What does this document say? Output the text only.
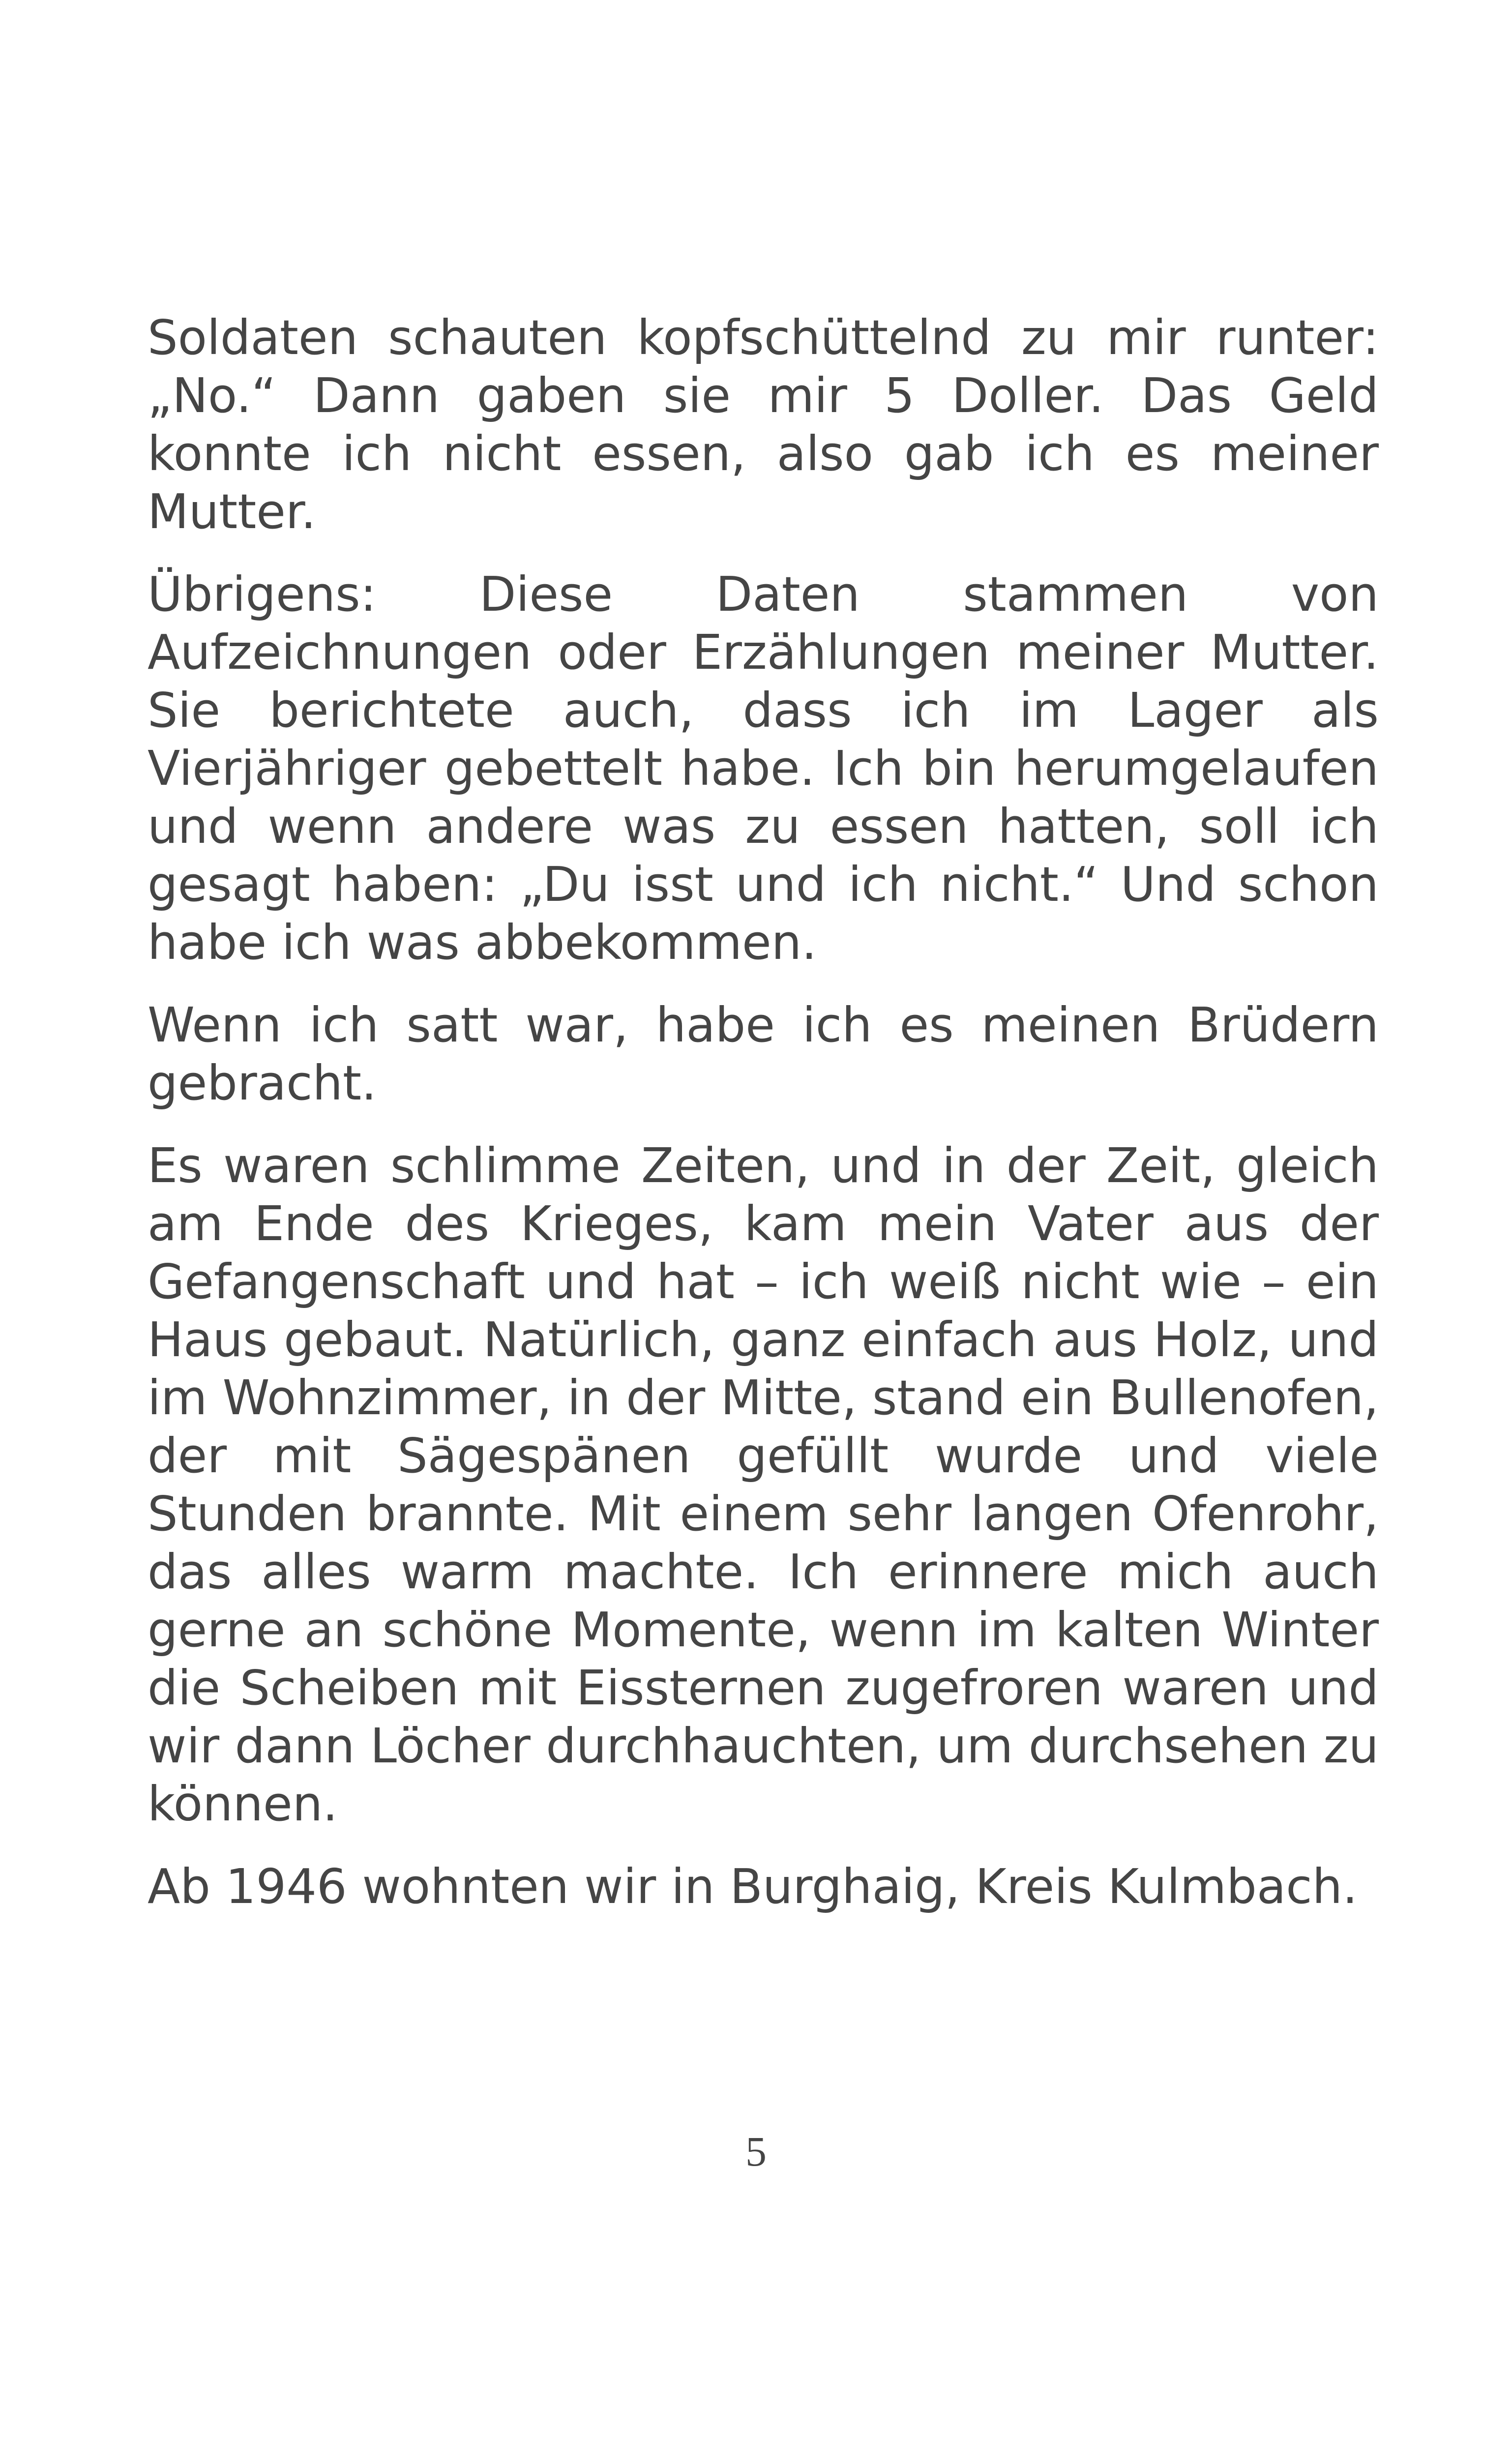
Soldaten schauten kopfschüttelnd zu mir runter: „No.“ Dann gaben sie mir 5 Doller. Das Geld konnte ich nicht essen, also gab ich es meiner Mutter.

Übrigens: Diese Daten stammen von Aufzeichnungen oder Erzählungen meiner Mutter. Sie berichtete auch, dass ich im Lager als Vierjähriger gebettelt habe. Ich bin herumgelaufen und wenn andere was zu essen hatten, soll ich gesagt haben: „Du isst und ich nicht.“ Und schon habe ich was abbekommen.

Wenn ich satt war, habe ich es meinen Brüdern gebracht.

Es waren schlimme Zeiten, und in der Zeit, gleich am Ende des Krieges, kam mein Vater aus der Gefangenschaft und hat – ich weiß nicht wie – ein Haus gebaut. Natürlich, ganz einfach aus Holz, und im Wohnzimmer, in der Mitte, stand ein Bullenofen, der mit Sägespänen gefüllt wurde und viele Stunden brannte. Mit einem sehr langen Ofenrohr, das alles warm machte. Ich erinnere mich auch gerne an schöne Momente, wenn im kalten Winter die Scheiben mit Eissternen zugefroren waren und wir dann Löcher durchhauchten, um durchsehen zu können.

Ab 1946 wohnten wir in Burghaig, Kreis Kulmbach.

5
